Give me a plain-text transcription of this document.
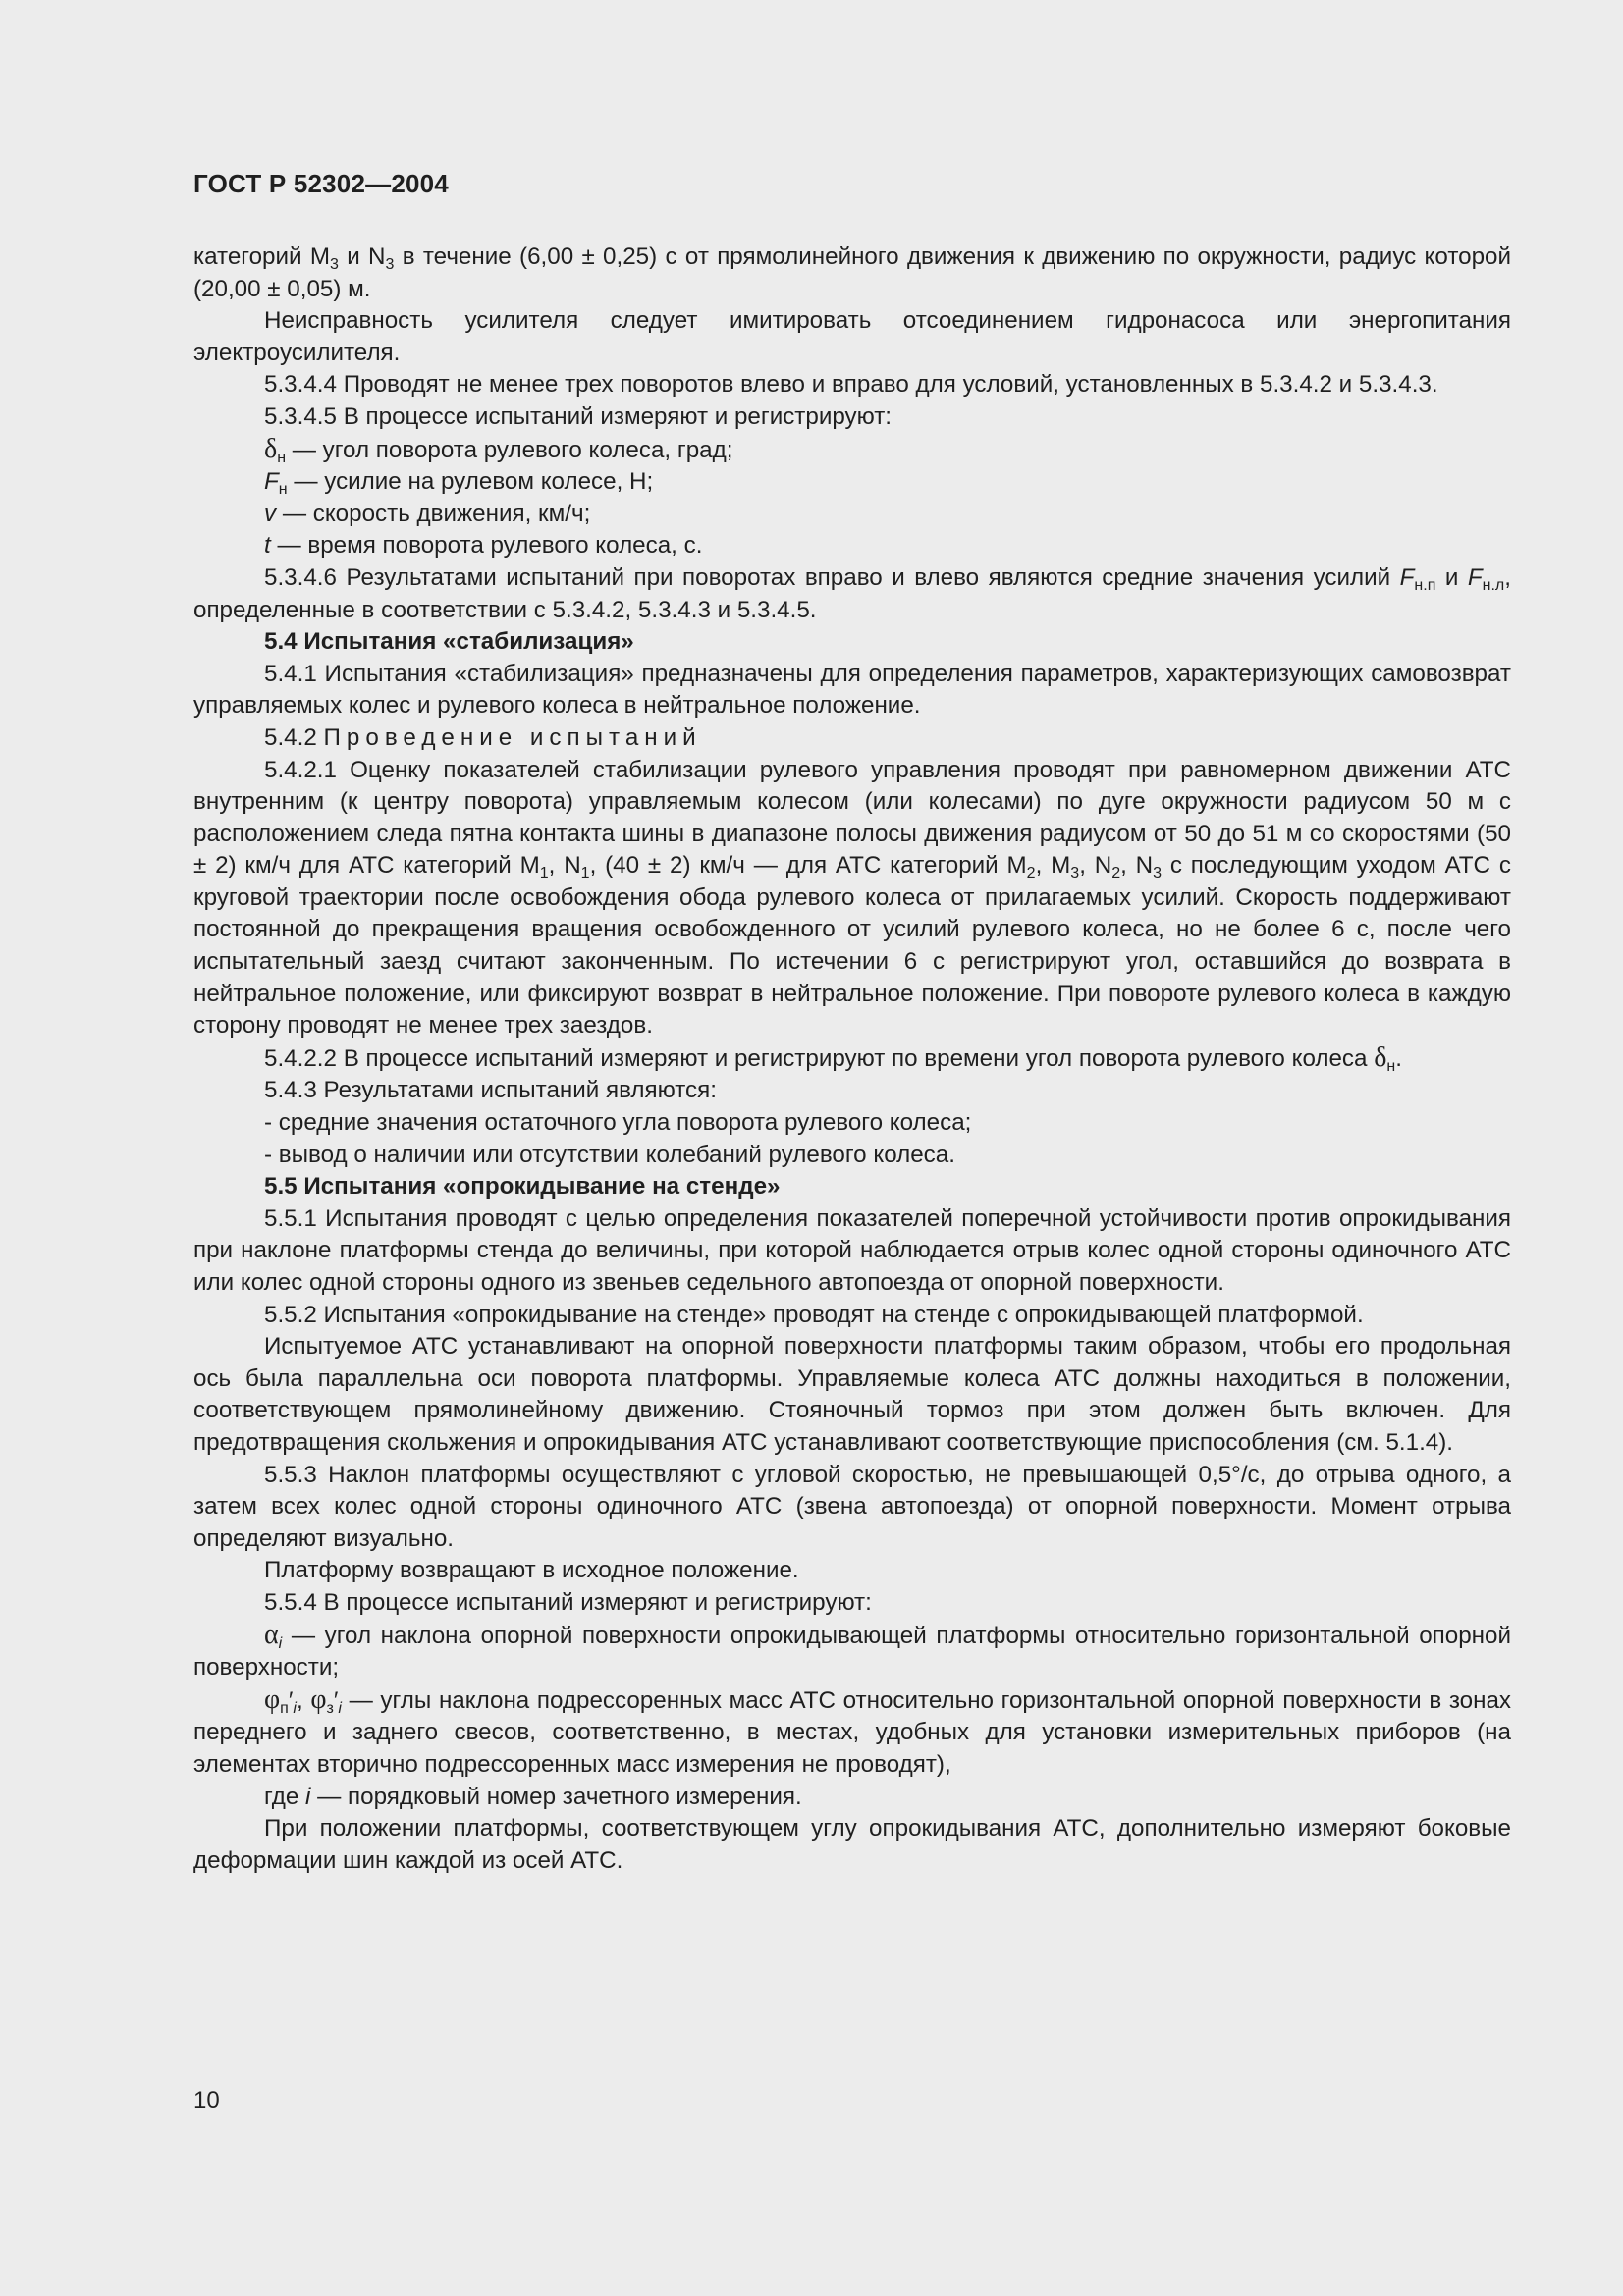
ГОСТ Р 52302—2004

категорий $M_3$ и $N_3$ в течение (6,00 ± 0,25) с от прямолинейного движения к движению по окружности, радиус которой (20,00 ± 0,05) м.

Неисправность усилителя следует имитировать отсоединением гидронасоса или энергопитания электроусилителя.

5.3.4.4 Проводят не менее трех поворотов влево и вправо для условий, установленных в 5.3.4.2 и 5.3.4.3.

5.3.4.5 В процессе испытаний измеряют и регистрируют:

$\delta_н$ — угол поворота рулевого колеса, град;

$F_н$ — усилие на рулевом колесе, Н;

v — скорость движения, км/ч;

t — время поворота рулевого колеса, с.

5.3.4.6 Результатами испытаний при поворотах вправо и влево являются средние значения усилий $F_{н.п}$ и $F_{н.л}$, определенные в соответствии с 5.3.4.2, 5.3.4.3 и 5.3.4.5.

5.4 Испытания «стабилизация»

5.4.1 Испытания «стабилизация» предназначены для определения параметров, характеризующих самовозврат управляемых колес и рулевого колеса в нейтральное положение.

5.4.2 Проведение испытаний

5.4.2.1 Оценку показателей стабилизации рулевого управления проводят при равномерном движении АТС внутренним (к центру поворота) управляемым колесом (или колесами) по дуге окружности радиусом 50 м с расположением следа пятна контакта шины в диапазоне полосы движения радиусом от 50 до 51 м со скоростями (50 ± 2) км/ч для АТС категорий $M_1$, $N_1$, (40 ± 2) км/ч — для АТС категорий $M_2$, $M_3$, $N_2$, $N_3$ с последующим уходом АТС с круговой траектории после освобождения обода рулевого колеса от прилагаемых усилий. Скорость поддерживают постоянной до прекращения вращения освобожденного от усилий рулевого колеса, но не более 6 с, после чего испытательный заезд считают законченным. По истечении 6 с регистрируют угол, оставшийся до возврата в нейтральное положение, или фиксируют возврат в нейтральное положение. При повороте рулевого колеса в каждую сторону проводят не менее трех заездов.

5.4.2.2 В процессе испытаний измеряют и регистрируют по времени угол поворота рулевого колеса $\delta_н$.

5.4.3 Результатами испытаний являются:

- средние значения остаточного угла поворота рулевого колеса;

- вывод о наличии или отсутствии колебаний рулевого колеса.

5.5 Испытания «опрокидывание на стенде»

5.5.1 Испытания проводят с целью определения показателей поперечной устойчивости против опрокидывания при наклоне платформы стенда до величины, при которой наблюдается отрыв колес одной стороны одиночного АТС или колес одной стороны одного из звеньев седельного автопоезда от опорной поверхности.

5.5.2 Испытания «опрокидывание на стенде» проводят на стенде с опрокидывающей платформой.

Испытуемое АТС устанавливают на опорной поверхности платформы таким образом, чтобы его продольная ось была параллельна оси поворота платформы. Управляемые колеса АТС должны находиться в положении, соответствующем прямолинейному движению. Стояночный тормоз при этом должен быть включен. Для предотвращения скольжения и опрокидывания АТС устанавливают соответствующие приспособления (см. 5.1.4).

5.5.3 Наклон платформы осуществляют с угловой скоростью, не превышающей 0,5°/с, до отрыва одного, а затем всех колес одной стороны одиночного АТС (звена автопоезда) от опорной поверхности. Момент отрыва определяют визуально.

Платформу возвращают в исходное положение.

5.5.4 В процессе испытаний измеряют и регистрируют:

$\alpha_i$ — угол наклона опорной поверхности опрокидывающей платформы относительно горизонтальной опорной поверхности;

$\varphi_п'_i$, $\varphi_з'_i$ — углы наклона подрессоренных масс АТС относительно горизонтальной опорной поверхности в зонах переднего и заднего свесов, соответственно, в местах, удобных для установки измерительных приборов (на элементах вторично подрессоренных масс измерения не проводят),

где i — порядковый номер зачетного измерения.

При положении платформы, соответствующем углу опрокидывания АТС, дополнительно измеряют боковые деформации шин каждой из осей АТС.

10
